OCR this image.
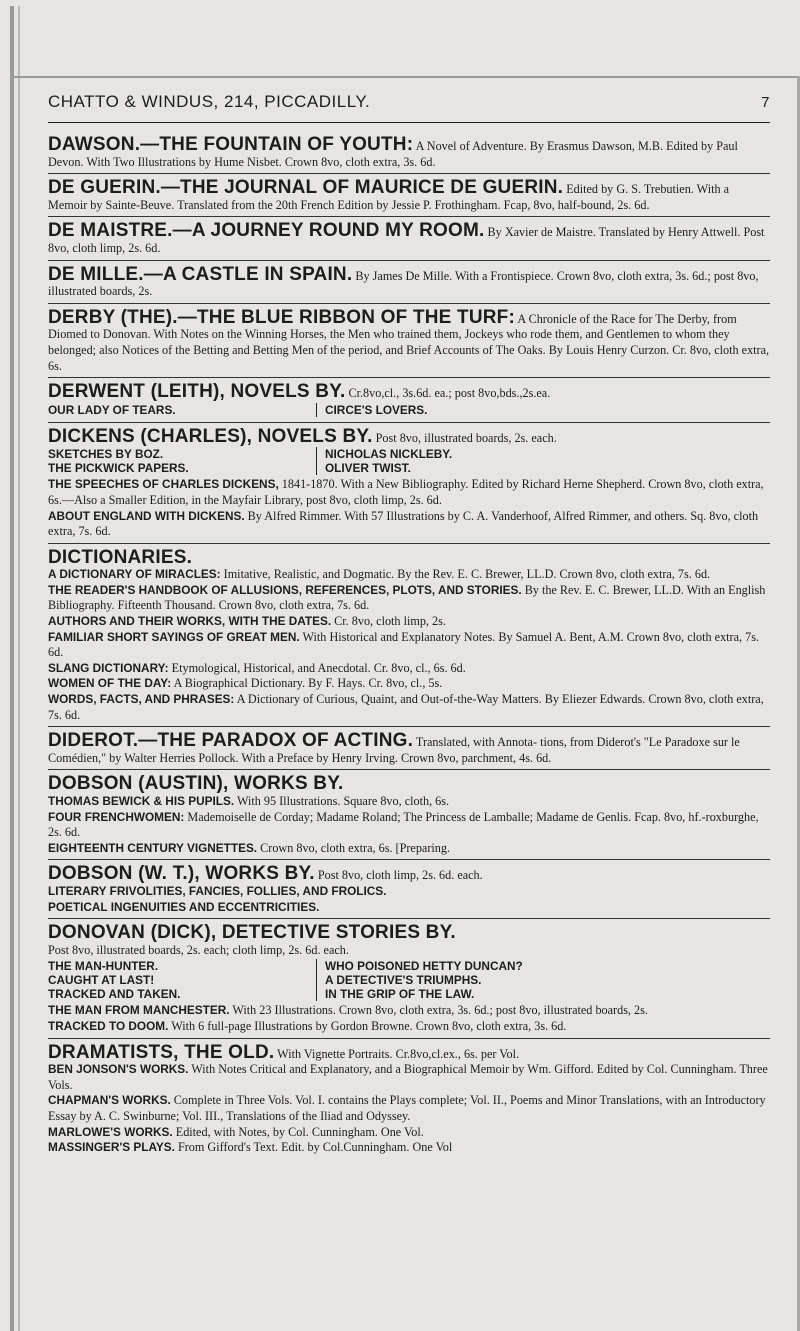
CHATTO & WINDUS, 214, PICCADILLY.	7

DAWSON.—THE FOUNTAIN OF YOUTH: A Novel of Adventure. By Erasmus Dawson, M.B. Edited by Paul Devon. With Two Illustrations by Hume Nisbet. Crown 8vo, cloth extra, 3s. 6d.

DE GUERIN.—THE JOURNAL OF MAURICE DE GUERIN. Edited by G. S. Trebutien. With a Memoir by Sainte-Beuve. Translated from the 20th French Edition by Jessie P. Frothingham. Fcap, 8vo, half-bound, 2s. 6d.

DE MAISTRE.—A JOURNEY ROUND MY ROOM. By Xavier de Maistre. Translated by Henry Attwell. Post 8vo, cloth limp, 2s. 6d.

DE MILLE.—A CASTLE IN SPAIN. By James De Mille. With a Frontispiece. Crown 8vo, cloth extra, 3s. 6d.; post 8vo, illustrated boards, 2s.

DERBY (THE).—THE BLUE RIBBON OF THE TURF: A Chronicle of the Race for The Derby, from Diomed to Donovan. With Notes on the Winning Horses, the Men who trained them, Jockeys who rode them, and Gentlemen to whom they belonged; also Notices of the Betting and Betting Men of the period, and Brief Accounts of The Oaks. By Louis Henry Curzon. Cr. 8vo, cloth extra, 6s.

DERWENT (LEITH), NOVELS BY. Cr.8vo,cl., 3s.6d. ea.; post 8vo,bds.,2s.ea.

OUR LADY OF TEARS.	CIRCE'S LOVERS.

DICKENS (CHARLES), NOVELS BY. Post 8vo, illustrated boards, 2s. each.

SKETCHES BY BOZ.
THE PICKWICK PAPERS.
NICHOLAS NICKLEBY.
OLIVER TWIST.

THE SPEECHES OF CHARLES DICKENS, 1841-1870. With a New Bibliography. Edited by Richard Herne Shepherd. Crown 8vo, cloth extra, 6s.—Also a Smaller Edition, in the Mayfair Library, post 8vo, cloth limp, 2s. 6d.

ABOUT ENGLAND WITH DICKENS. By Alfred Rimmer. With 57 Illustrations by C. A. Vanderhoof, Alfred Rimmer, and others. Sq. 8vo, cloth extra, 7s. 6d.

DICTIONARIES.

A DICTIONARY OF MIRACLES: Imitative, Realistic, and Dogmatic. By the Rev. E. C. Brewer, LL.D. Crown 8vo, cloth extra, 7s. 6d.

THE READER'S HANDBOOK OF ALLUSIONS, REFERENCES, PLOTS, AND STORIES. By the Rev. E. C. Brewer, LL.D. With an English Bibliography. Fifteenth Thousand. Crown 8vo, cloth extra, 7s. 6d.

AUTHORS AND THEIR WORKS, WITH THE DATES. Cr. 8vo, cloth limp, 2s.

FAMILIAR SHORT SAYINGS OF GREAT MEN. With Historical and Explanatory Notes. By Samuel A. Bent, A.M. Crown 8vo, cloth extra, 7s. 6d.

SLANG DICTIONARY: Etymological, Historical, and Anecdotal. Cr. 8vo, cl., 6s. 6d.

WOMEN OF THE DAY: A Biographical Dictionary. By F. Hays. Cr. 8vo, cl., 5s.

WORDS, FACTS, AND PHRASES: A Dictionary of Curious, Quaint, and Out-of-the-Way Matters. By Eliezer Edwards. Crown 8vo, cloth extra, 7s. 6d.

DIDEROT.—THE PARADOX OF ACTING. Translated, with Annota- tions, from Diderot's "Le Paradoxe sur le Comédien," by Walter Herries Pollock. With a Preface by Henry Irving. Crown 8vo, parchment, 4s. 6d.

DOBSON (AUSTIN), WORKS BY.

THOMAS BEWICK & HIS PUPILS. With 95 Illustrations. Square 8vo, cloth, 6s.

FOUR FRENCHWOMEN: Mademoiselle de Corday; Madame Roland; The Princess de Lamballe; Madame de Genlis. Fcap. 8vo, hf.-roxburghe, 2s. 6d.

EIGHTEENTH CENTURY VIGNETTES. Crown 8vo, cloth extra, 6s. [Preparing.

DOBSON (W. T.), WORKS BY. Post 8vo, cloth limp, 2s. 6d. each.

LITERARY FRIVOLITIES, FANCIES, FOLLIES, AND FROLICS.

POETICAL INGENUITIES AND ECCENTRICITIES.

DONOVAN (DICK), DETECTIVE STORIES BY.

Post 8vo, illustrated boards, 2s. each; cloth limp, 2s. 6d. each.
THE MAN-HUNTER.
CAUGHT AT LAST!
TRACKED AND TAKEN.
WHO POISONED HETTY DUNCAN?
A DETECTIVE'S TRIUMPHS.
IN THE GRIP OF THE LAW.

THE MAN FROM MANCHESTER. With 23 Illustrations. Crown 8vo, cloth extra, 3s. 6d.; post 8vo, illustrated boards, 2s.

TRACKED TO DOOM. With 6 full-page Illustrations by Gordon Browne. Crown 8vo, cloth extra, 3s. 6d.

DRAMATISTS, THE OLD. With Vignette Portraits. Cr.8vo,cl.ex., 6s. per Vol.

BEN JONSON'S WORKS. With Notes Critical and Explanatory, and a Biographical Memoir by Wm. Gifford. Edited by Col. Cunningham. Three Vols.

CHAPMAN'S WORKS. Complete in Three Vols. Vol. I. contains the Plays complete; Vol. II., Poems and Minor Translations, with an Introductory Essay by A. C. Swinburne; Vol. III., Translations of the Iliad and Odyssey.

MARLOWE'S WORKS. Edited, with Notes, by Col. Cunningham. One Vol.

MASSINGER'S PLAYS. From Gifford's Text. Edit. by Col.Cunningham. One Vol
